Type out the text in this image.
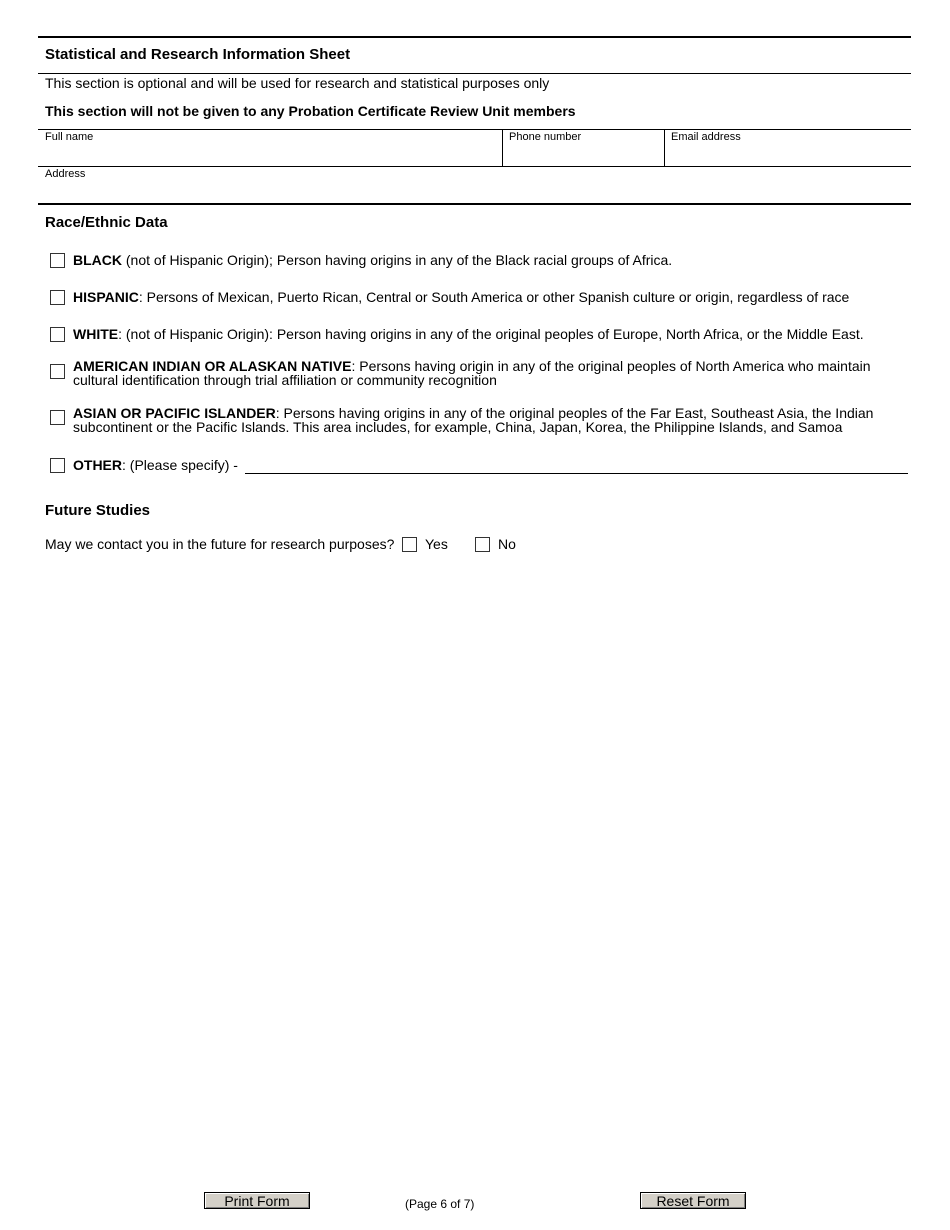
Statistical and Research Information Sheet
This section is optional and will be used for research and statistical purposes only
This section will not be given to any Probation Certificate Review Unit members
Full name	Phone number	Email address
Address
Race/Ethnic Data
BLACK (not of Hispanic Origin); Person having origins in any of the Black racial groups of Africa.
HISPANIC: Persons of Mexican, Puerto Rican, Central or South America or other Spanish culture or origin, regardless of race
WHITE: (not of Hispanic Origin): Person having origins in any of the original peoples of Europe, North Africa, or the Middle East.
AMERICAN INDIAN OR ALASKAN NATIVE: Persons having origin in any of the original peoples of North America who maintain
cultural identification through trial affiliation or community recognition
ASIAN OR PACIFIC ISLANDER: Persons having origins in any of the original peoples of the Far East, Southeast Asia, the Indian
subcontinent or the Pacific Islands. This area includes, for example, China, Japan, Korea, the Philippine Islands, and Samoa
OTHER: (Please specify) -
Future Studies
May we contact you in the future for research purposes? Yes	No
Print Form	(Page 6 of 7)	Reset Form
